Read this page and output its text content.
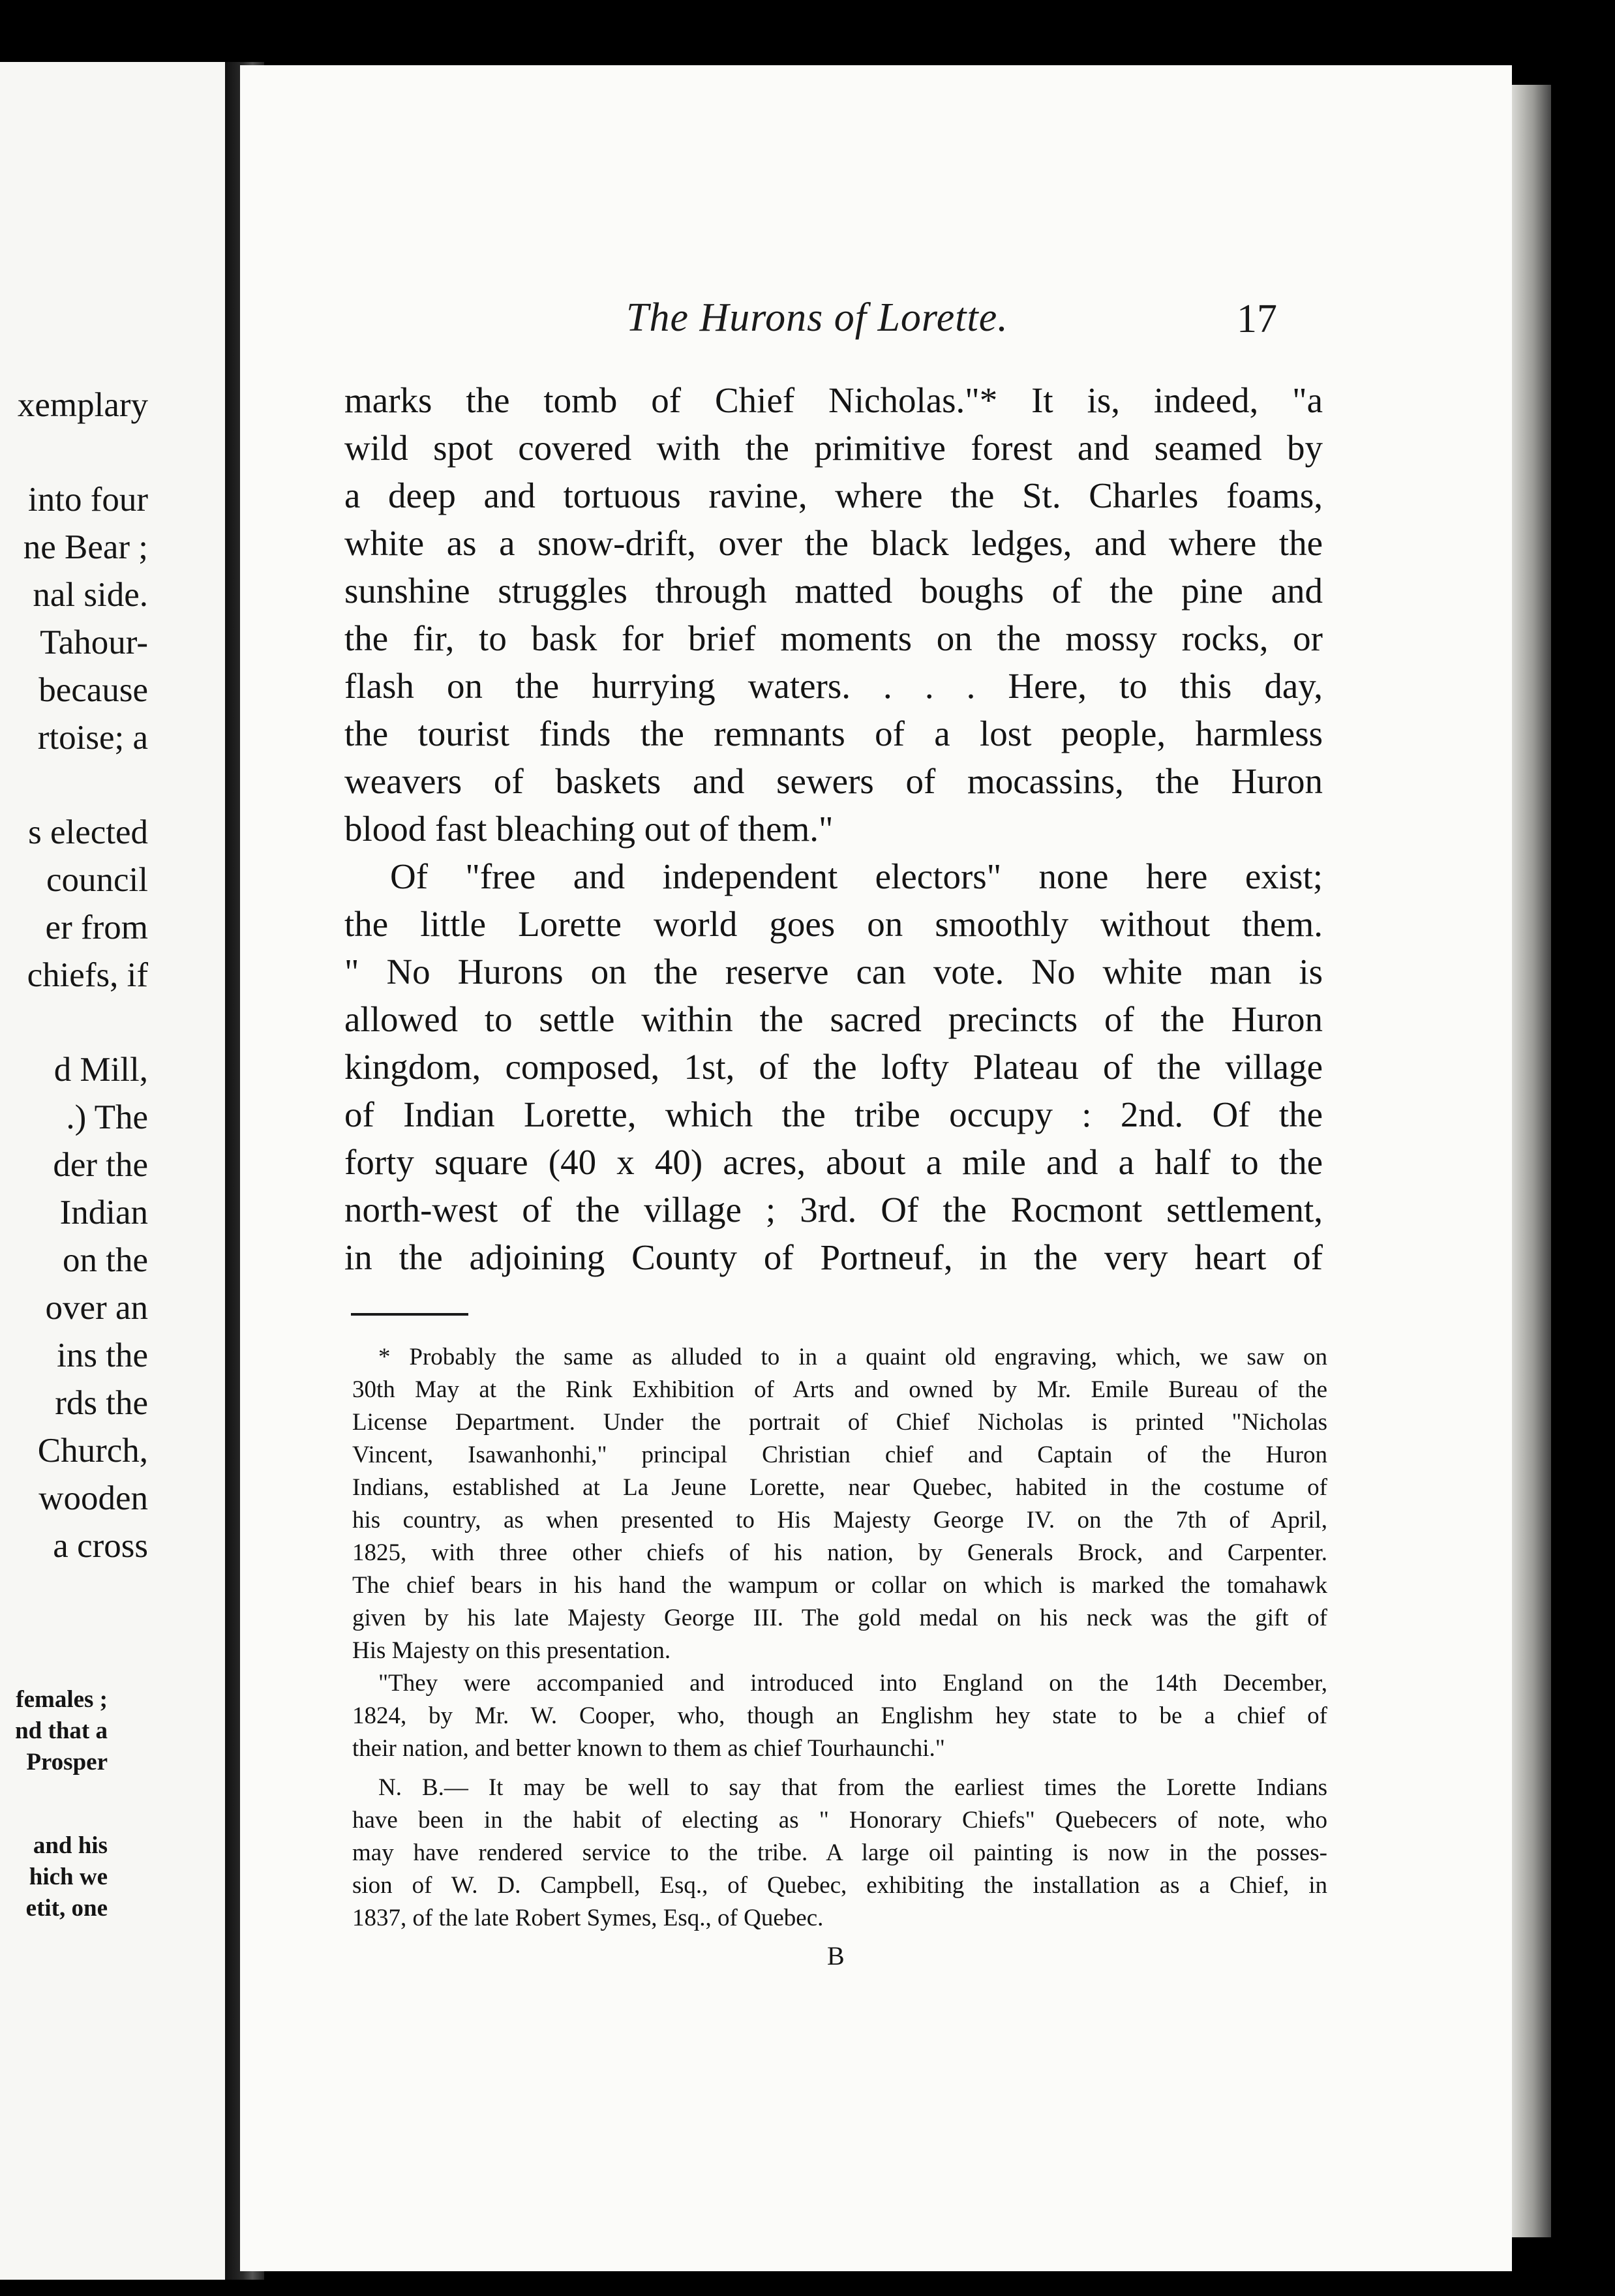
xemplary
into four
ne Bear ;
nal side.
Tahour-
because
rtoise; a
s elected
council
er from
chiefs, if
d Mill,
.) The
der the
Indian
on the
over an
ins the
rds the
Church,
wooden
a cross
females ;
nd that a
Prosper
and his
hich we
etit, one
The Hurons of Lorette.	17
marks the tomb of Chief Nicholas."* It is, indeed, "a
wild spot covered with the primitive forest and seamed by
a deep and tortuous ravine, where the St. Charles foams,
white as a snow-drift, over the black ledges, and where the
sunshine struggles through matted boughs of the pine and
the fir, to bask for brief moments on the mossy rocks, or
flash on the hurrying waters. . . . Here, to this day,
the tourist finds the remnants of a lost people, harmless
weavers of baskets and sewers of mocassins, the Huron
blood fast bleaching out of them."
Of "free and independent electors" none here exist;
the little Lorette world goes on smoothly without them.
" No Hurons on the reserve can vote. No white man is
allowed to settle within the sacred precincts of the Huron
kingdom, composed, 1st, of the lofty Plateau of the village
of Indian Lorette, which the tribe occupy : 2nd. Of the
forty square (40 x 40) acres, about a mile and a half to the
north-west of the village ; 3rd. Of the Rocmont settlement,
in the adjoining County of Portneuf, in the very heart of
* Probably the same as alluded to in a quaint old engraving, which, we saw on
30th May at the Rink Exhibition of Arts and owned by Mr. Emile Bureau of the
License Department. Under the portrait of Chief Nicholas is printed "Nicholas
Vincent, Isawanhonhi," principal Christian chief and Captain of the Huron
Indians, established at La Jeune Lorette, near Quebec, habited in the costume of
his country, as when presented to His Majesty George IV. on the 7th of April,
1825, with three other chiefs of his nation, by Generals Brock, and Carpenter.
The chief bears in his hand the wampum or collar on which is marked the tomahawk
given by his late Majesty George III. The gold medal on his neck was the gift of
His Majesty on this presentation.
"They were accompanied and introduced into England on the 14th December,
1824, by Mr. W. Cooper, who, though an Englishm hey state to be a chief of
their nation, and better known to them as chief Tourhaunchi."
N. B.— It may be well to say that from the earliest times the Lorette Indians
have been in the habit of electing as " Honorary Chiefs" Quebecers of note, who
may have rendered service to the tribe. A large oil painting is now in the posses-
sion of W. D. Campbell, Esq., of Quebec, exhibiting the installation as a Chief, in
1837, of the late Robert Symes, Esq., of Quebec.
B
